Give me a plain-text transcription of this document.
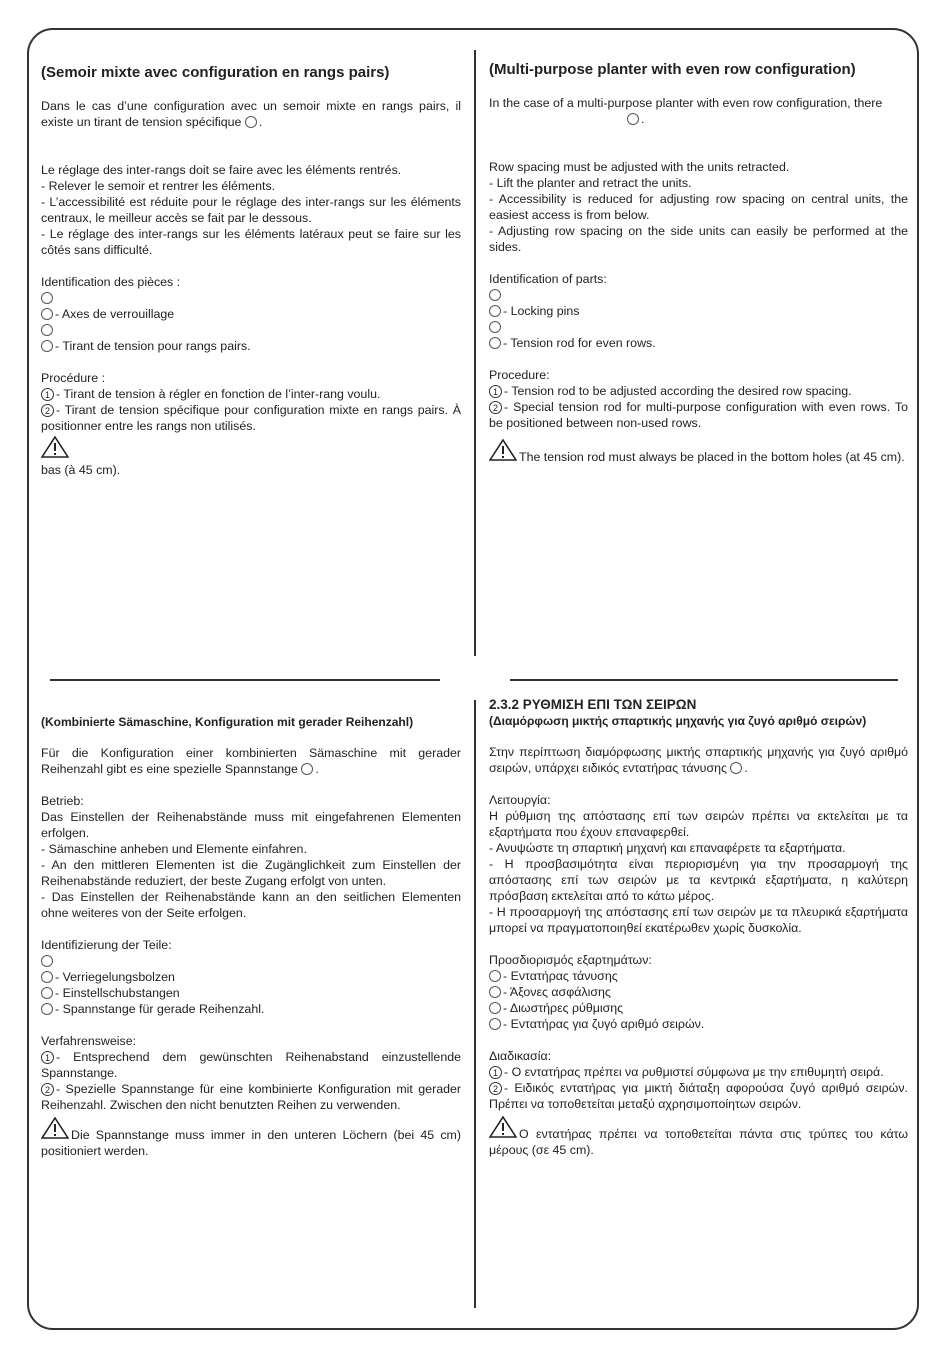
(Semoir mixte avec configuration en rangs pairs)

Dans le cas d’une configuration avec un semoir mixte en rangs pairs, il existe un tirant de tension spécifique .

Le réglage des inter-rangs doit se faire avec les éléments rentrés.

- Relever le semoir et rentrer les éléments.

- L’accessibilité est réduite pour le réglage des inter-rangs sur les éléments centraux, le meilleur accès se fait par le dessous.

- Le réglage des inter-rangs sur les éléments latéraux peut se faire sur les côtés sans difficulté.

Identification des pièces :

- Axes de verrouillage
- Tirant de tension pour rangs pairs.

Procédure :

1 - Tirant de tension à régler en fonction de l’inter-rang voulu.

2 - Tirant de tension spécifique pour configuration mixte en rangs pairs. À positionner entre les rangs non utilisés.

bas (à 45 cm).

(Multi-purpose planter with even row configuration)

In the case of a multi-purpose planter with even row configuration, there
.

Row spacing must be adjusted with the units retracted.

- Lift the planter and retract the units.

- Accessibility is reduced for adjusting row spacing on central units, the easiest access is from below.

- Adjusting row spacing on the side units can easily be performed at the sides.

Identification of parts:

- Locking pins
- Tension rod for even rows.

Procedure:

1 - Tension rod to be adjusted according the desired row spacing.

2 - Special tension rod for multi-purpose configuration with even rows. To be positioned between non-used rows.

The tension rod must always be placed in the bottom holes (at 45 cm).

(Kombinierte Sämaschine, Konfiguration mit gerader Reihenzahl)

Für die Konfiguration einer kombinierten Sämaschine mit gerader Reihenzahl gibt es eine spezielle Spannstange .

Betrieb:

Das Einstellen der Reihenabstände muss mit eingefahrenen Elementen erfolgen.

- Sämaschine anheben und Elemente einfahren.

- An den mittleren Elementen ist die Zugänglichkeit zum Einstellen der Reihenabstände reduziert, der beste Zugang erfolgt von unten.

- Das Einstellen der Reihenabstände kann an den seitlichen Elementen ohne weiteres von der Seite erfolgen.

Identifizierung der Teile:

- Verriegelungsbolzen
- Einstellschubstangen
- Spannstange für gerade Reihenzahl.

Verfahrensweise:

1 - Entsprechend dem gewünschten Reihenabstand einzustellende Spannstange.

2 - Spezielle Spannstange für eine kombinierte Konfiguration mit gerader Reihenzahl. Zwischen den nicht benutzten Reihen zu verwenden.

Die Spannstange muss immer in den unteren Löchern (bei 45 cm) positioniert werden.

2.3.2 ΡΥΘΜΙΣΗ ΕΠΙ ΤΩΝ ΣΕΙΡΩΝ
(Διαμόρφωση μικτής σπαρτικής μηχανής για ζυγό αριθμό σειρών)

Στην περίπτωση διαμόρφωσης μικτής σπαρτικής μηχανής για ζυγό αριθμό σειρών, υπάρχει ειδικός εντατήρας τάνυσης .

Λειτουργία:

Η ρύθμιση της απόστασης επί των σειρών πρέπει να εκτελείται με τα εξαρτήματα που έχουν επαναφερθεί.

- Ανυψώστε τη σπαρτική μηχανή και επαναφέρετε τα εξαρτήματα.

- Η προσβασιμότητα είναι περιορισμένη για την προσαρμογή της απόστασης επί των σειρών με τα κεντρικά εξαρτήματα, η καλύτερη πρόσβαση εκτελείται από το κάτω μέρος.

- Η προσαρμογή της απόστασης επί των σειρών με τα πλευρικά εξαρτήματα μπορεί να πραγματοποιηθεί εκατέρωθεν χωρίς δυσκολία.

Προσδιορισμός εξαρτημάτων:

- Εντατήρας τάνυσης
- Άξονες ασφάλισης
- Διωστήρες ρύθμισης
- Εντατήρας για ζυγό αριθμό σειρών.

Διαδικασία:

1 - Ο εντατήρας πρέπει να ρυθμιστεί σύμφωνα με την επιθυμητή σειρά.

2 - Ειδικός εντατήρας για μικτή διάταξη αφορούσα ζυγό αριθμό σειρών. Πρέπει να τοποθετείται μεταξύ αχρησιμοποίητων σειρών.

Ο εντατήρας πρέπει να τοποθετείται πάντα στις τρύπες του κάτω μέρους (σε 45 cm).
